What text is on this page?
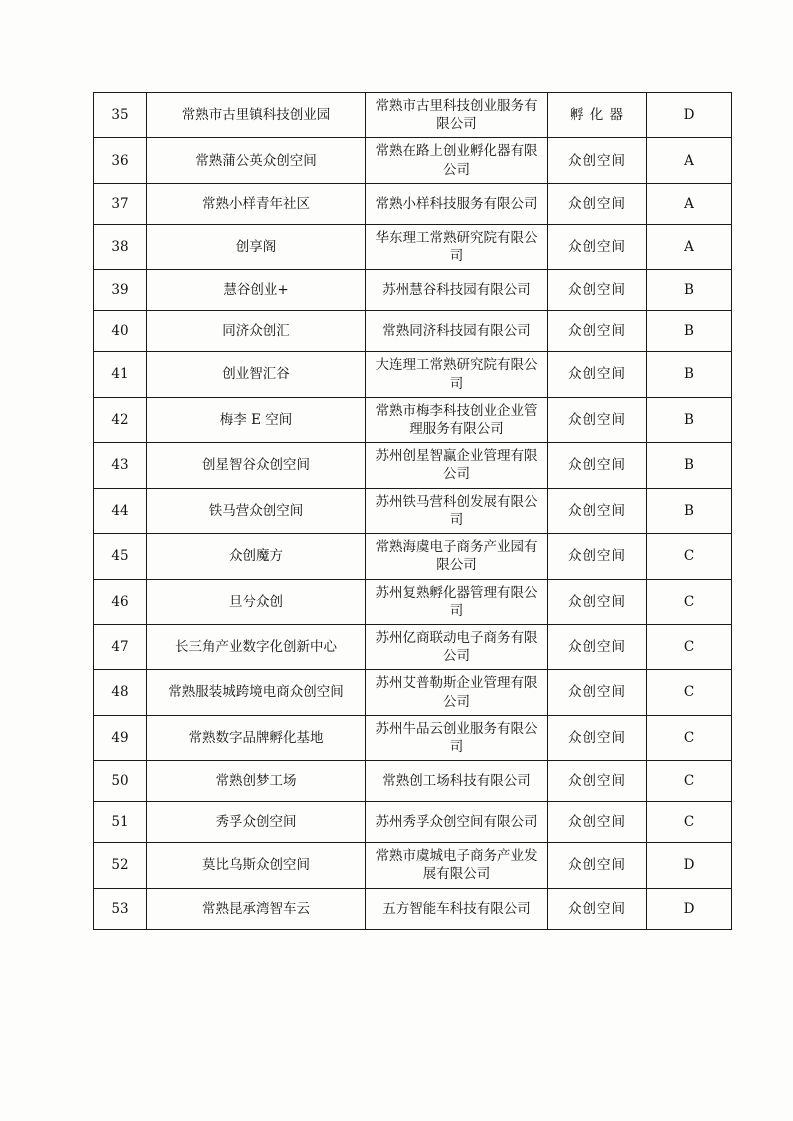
35	常熟市古里镇科技创业园	常熟市古里科技创业服务有限公司	孵 化 器	D
36	常熟蒲公英众创空间	常熟在路上创业孵化器有限公司	众创空间	A
37	常熟小样青年社区	常熟小样科技服务有限公司	众创空间	A
38	创享阁	华东理工常熟研究院有限公司	众创空间	A
39	慧谷创业+	苏州慧谷科技园有限公司	众创空间	B
40	同济众创汇	常熟同济科技园有限公司	众创空间	B
41	创业智汇谷	大连理工常熟研究院有限公司	众创空间	B
42	梅李 E 空间	常熟市梅李科技创业企业管理服务有限公司	众创空间	B
43	创星智谷众创空间	苏州创星智赢企业管理有限公司	众创空间	B
44	铁马营众创空间	苏州铁马营科创发展有限公司	众创空间	B
45	众创魔方	常熟海虞电子商务产业园有限公司	众创空间	C
46	旦兮众创	苏州复熟孵化器管理有限公司	众创空间	C
47	长三角产业数字化创新中心	苏州亿商联动电子商务有限公司	众创空间	C
48	常熟服装城跨境电商众创空间	苏州艾普勒斯企业管理有限公司	众创空间	C
49	常熟数字品牌孵化基地	苏州牛品云创业服务有限公司	众创空间	C
50	常熟创梦工场	常熟创工场科技有限公司	众创空间	C
51	秀孚众创空间	苏州秀孚众创空间有限公司	众创空间	C
52	莫比乌斯众创空间	常熟市虞城电子商务产业发展有限公司	众创空间	D
53	常熟昆承湾智车云	五方智能车科技有限公司	众创空间	D
